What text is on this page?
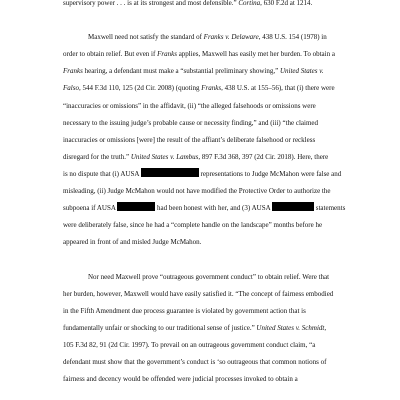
supervisory power . . . is at its strongest and most defensible.” Cortina, 630 F.2d at 1214.

Maxwell need not satisfy the standard of Franks v. Delaware, 438 U.S. 154 (1978) in
order to obtain relief. But even if Franks applies, Maxwell has easily met her burden. To obtain a
Franks hearing, a defendant must make a “substantial preliminary showing,” United States v.
Falso, 544 F.3d 110, 125 (2d Cir. 2008) (quoting Franks, 438 U.S. at 155–56), that (i) there were
“inaccuracies or omissions” in the affidavit, (ii) “the alleged falsehoods or omissions were
necessary to the issuing judge’s probable cause or necessity finding,” and (iii) “the claimed
inaccuracies or omissions [were] the result of the affiant’s deliberate falsehood or reckless
disregard for the truth.” United States v. Lambus, 897 F.3d 368, 397 (2d Cir. 2018). Here, there
is no dispute that (i) AUSA	representations to Judge McMahon were false and
misleading, (ii) Judge McMahon would not have modified the Protective Order to authorize the
subpoena if AUSA	had been honest with her, and (3) AUSA	statements
were deliberately false, since he had a “complete handle on the landscape” months before he
appeared in front of and misled Judge McMahon.

Nor need Maxwell prove “outrageous government conduct” to obtain relief. Were that
her burden, however, Maxwell would have easily satisfied it. “The concept of fairness embodied
in the Fifth Amendment due process guarantee is violated by government action that is
fundamentally unfair or shocking to our traditional sense of justice.” United States v. Schmidt,
105 F.3d 82, 91 (2d Cir. 1997). To prevail on an outrageous government conduct claim, “a
defendant must show that the government’s conduct is ‘so outrageous that common notions of
fairness and decency would be offended were judicial processes invoked to obtain a
